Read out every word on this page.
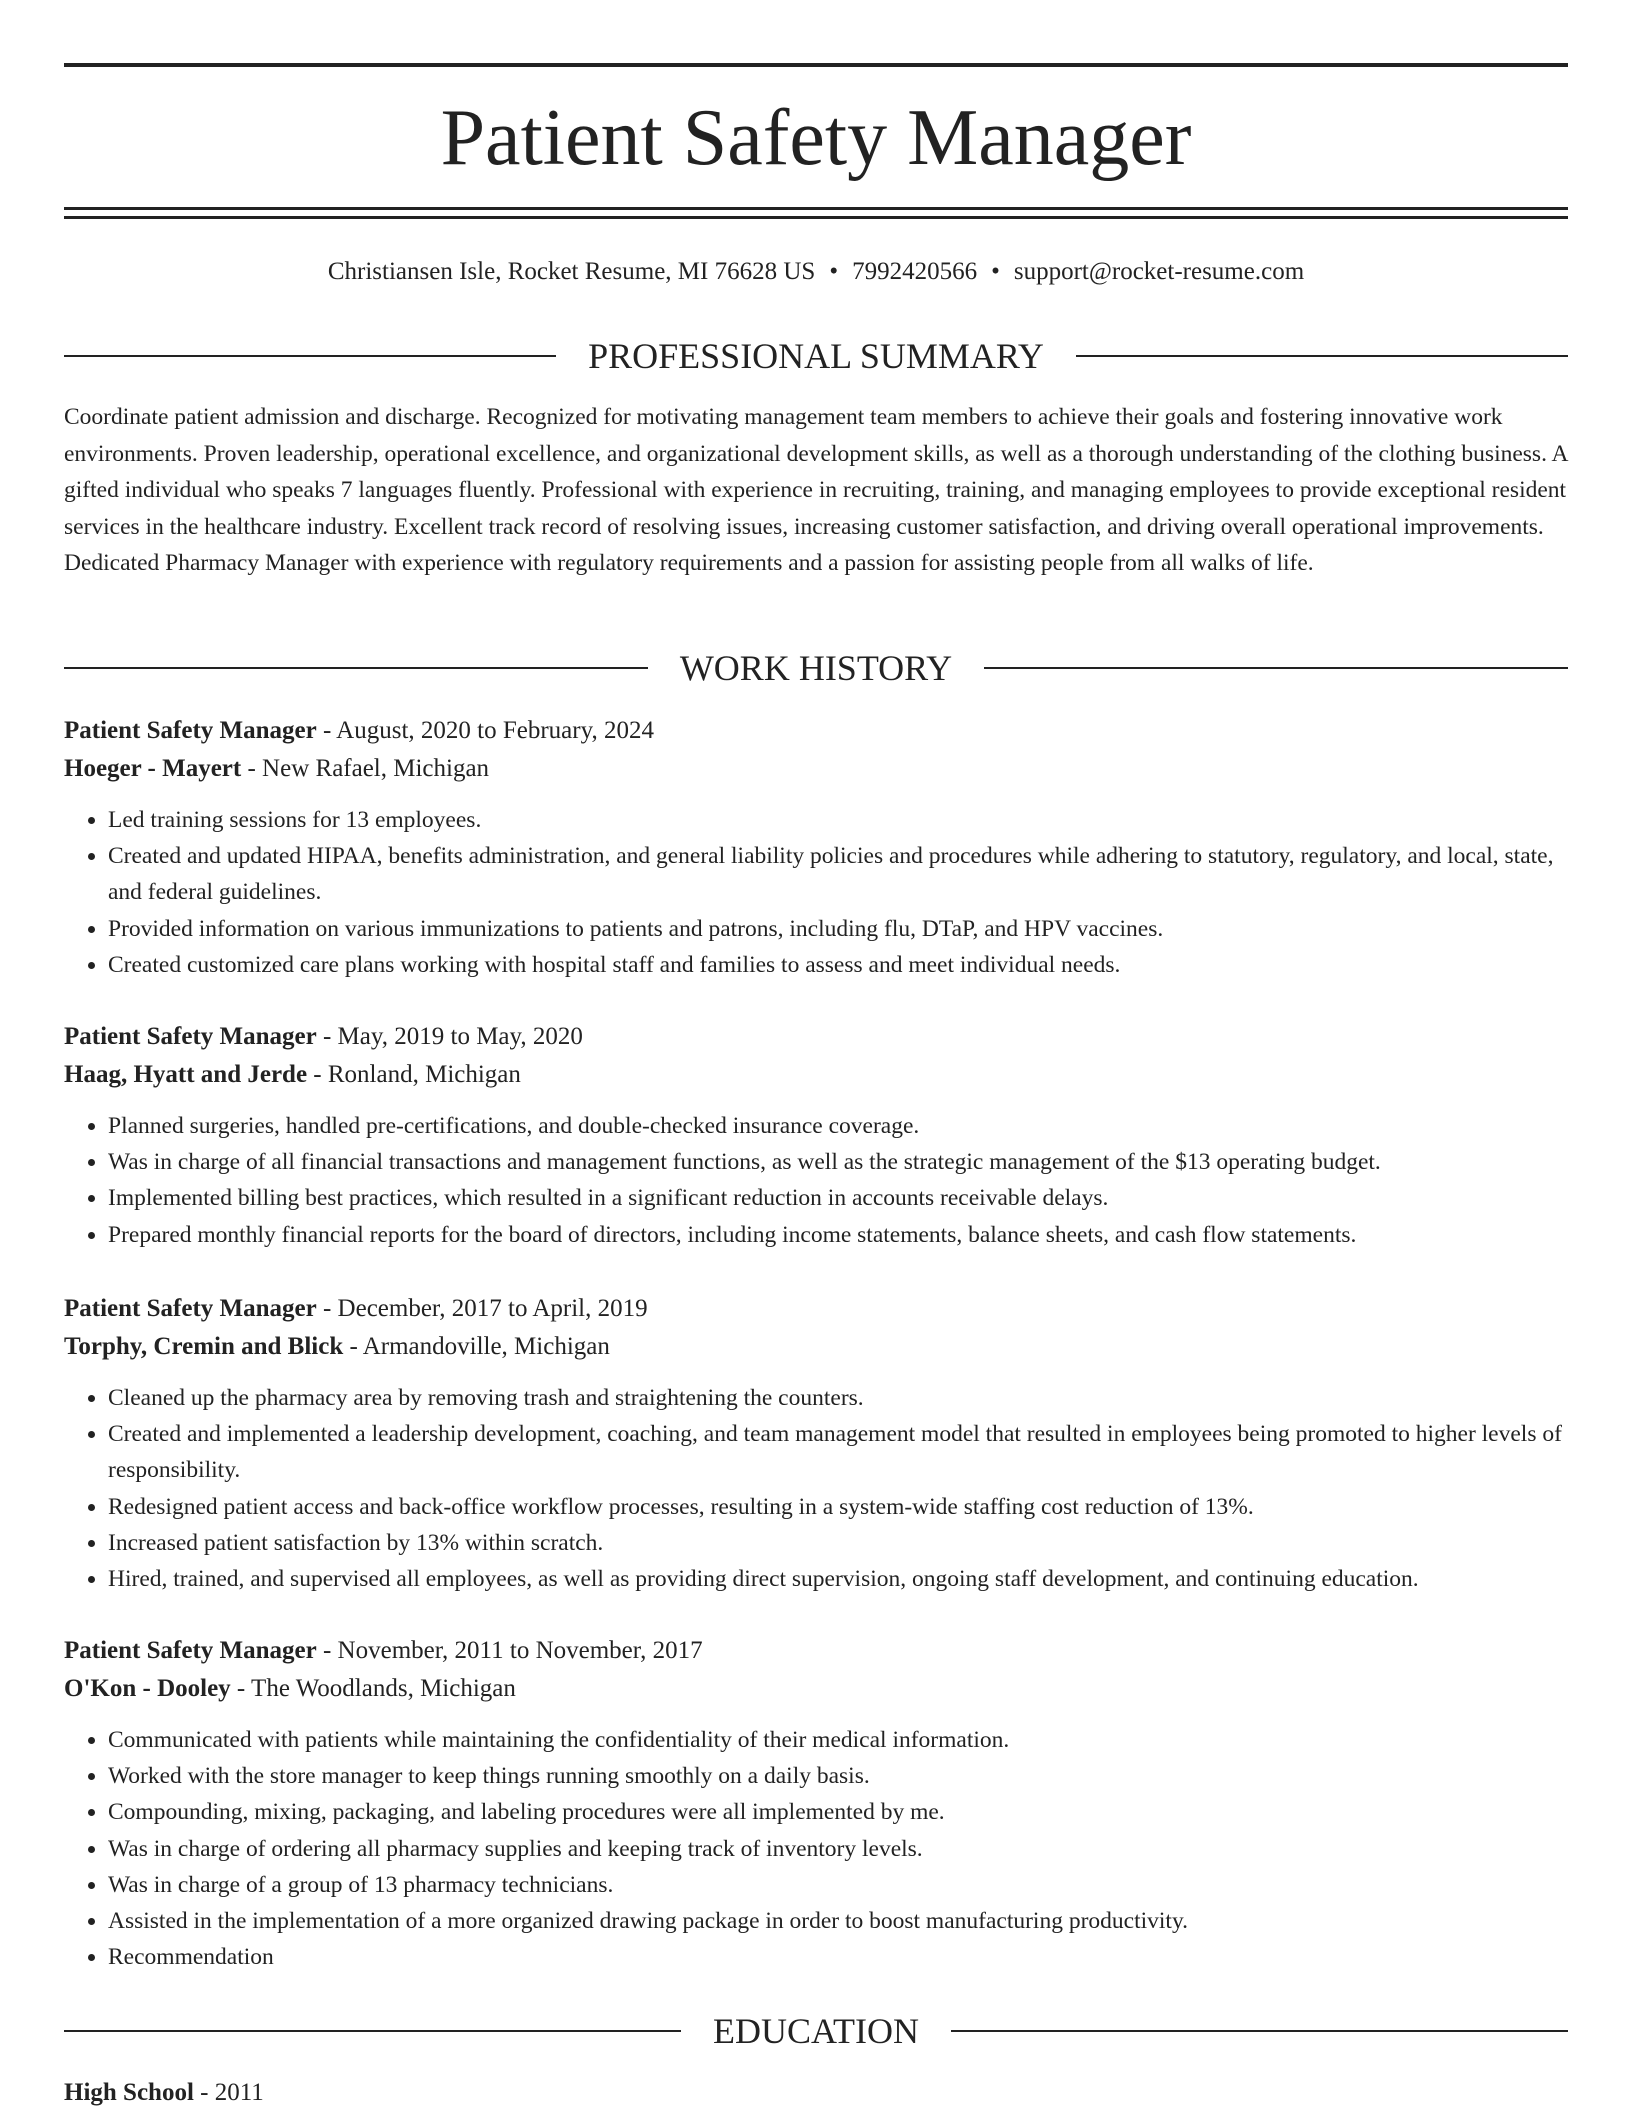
Patient Safety Manager
Christiansen Isle, Rocket Resume, MI 76628 US • 7992420566 • support@rocket-resume.com
PROFESSIONAL SUMMARY

Coordinate patient admission and discharge. Recognized for motivating management team members to achieve their goals and fostering innovative work environments. Proven leadership, operational excellence, and organizational development skills, as well as a thorough understanding of the clothing business. A gifted individual who speaks 7 languages fluently. Professional with experience in recruiting, training, and managing employees to provide exceptional resident services in the healthcare industry. Excellent track record of resolving issues, increasing customer satisfaction, and driving overall operational improvements. Dedicated Pharmacy Manager with experience with regulatory requirements and a passion for assisting people from all walks of life.

WORK HISTORY
Patient Safety Manager - August, 2020 to February, 2024
Hoeger - Mayert - New Rafael, Michigan
• Led training sessions for 13 employees.
• Created and updated HIPAA, benefits administration, and general liability policies and procedures while adhering to statutory, regulatory, and local, state, and federal guidelines.
• Provided information on various immunizations to patients and patrons, including flu, DTaP, and HPV vaccines.
• Created customized care plans working with hospital staff and families to assess and meet individual needs.
Patient Safety Manager - May, 2019 to May, 2020
Haag, Hyatt and Jerde - Ronland, Michigan
• Planned surgeries, handled pre-certifications, and double-checked insurance coverage.
• Was in charge of all financial transactions and management functions, as well as the strategic management of the $13 operating budget.
• Implemented billing best practices, which resulted in a significant reduction in accounts receivable delays.
• Prepared monthly financial reports for the board of directors, including income statements, balance sheets, and cash flow statements.
Patient Safety Manager - December, 2017 to April, 2019
Torphy, Cremin and Blick - Armandoville, Michigan
• Cleaned up the pharmacy area by removing trash and straightening the counters.
• Created and implemented a leadership development, coaching, and team management model that resulted in employees being promoted to higher levels of responsibility.
• Redesigned patient access and back-office workflow processes, resulting in a system-wide staffing cost reduction of 13%.
• Increased patient satisfaction by 13% within scratch.
• Hired, trained, and supervised all employees, as well as providing direct supervision, ongoing staff development, and continuing education.
Patient Safety Manager - November, 2011 to November, 2017
O'Kon - Dooley - The Woodlands, Michigan
• Communicated with patients while maintaining the confidentiality of their medical information.
• Worked with the store manager to keep things running smoothly on a daily basis.
• Compounding, mixing, packaging, and labeling procedures were all implemented by me.
• Was in charge of ordering all pharmacy supplies and keeping track of inventory levels.
• Was in charge of a group of 13 pharmacy technicians.
• Assisted in the implementation of a more organized drawing package in order to boost manufacturing productivity.
• Recommendation
EDUCATION
High School - 2011
